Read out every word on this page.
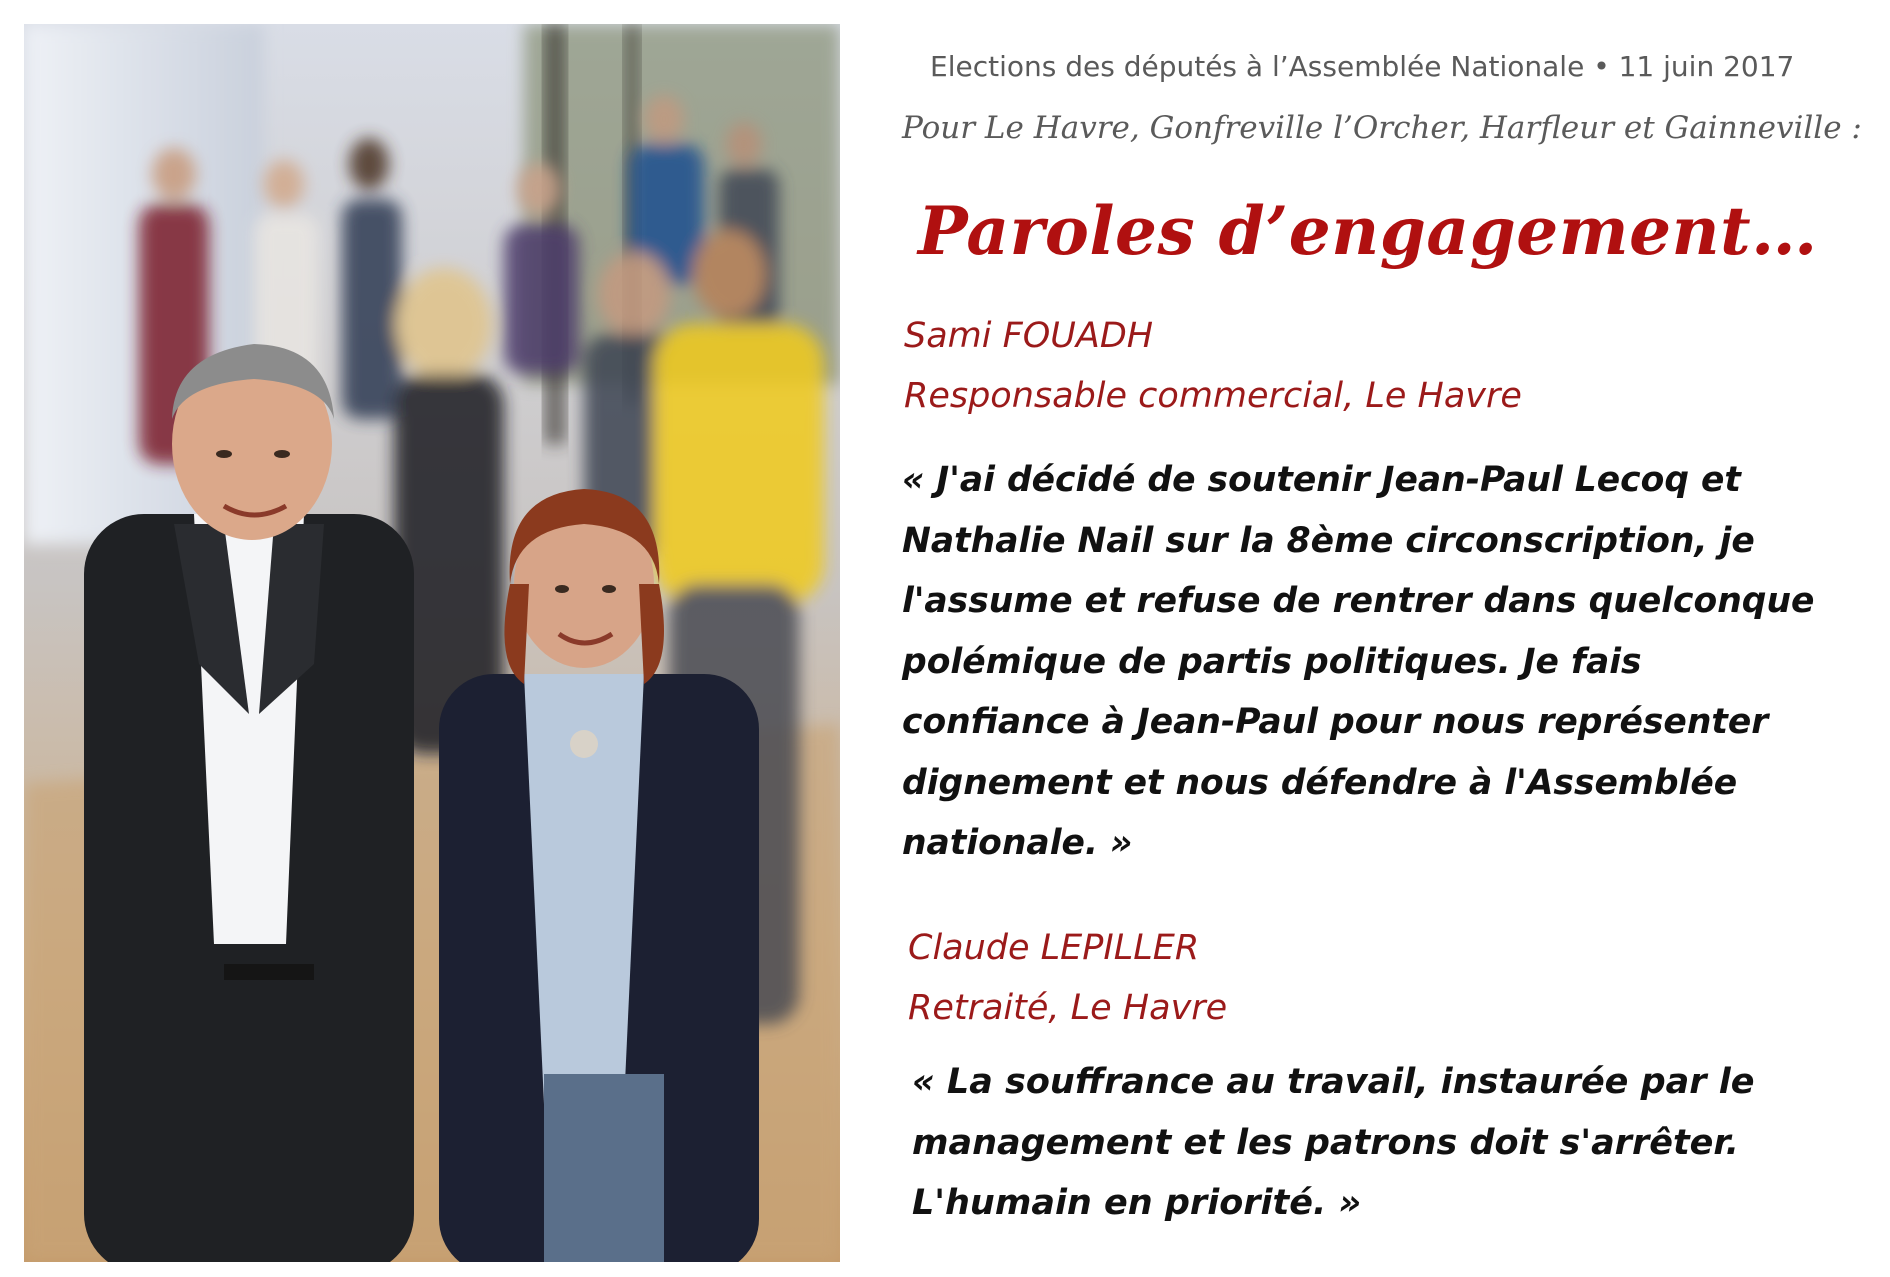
Elections des députés à l’Assemblée Nationale • 11 juin 2017
Pour Le Havre, Gonfreville l’Orcher, Harfleur et Gainneville :
Paroles d’engagement…
Sami FOUADH
Responsable commercial, Le Havre
« J'ai décidé de soutenir Jean-Paul Lecoq et
Nathalie Nail sur la 8ème circonscription, je
l'assume et refuse de rentrer dans quelconque
polémique de partis politiques. Je fais
confiance à Jean-Paul pour nous représenter
dignement et nous défendre à l'Assemblée
nationale. »
Claude LEPILLER
Retraité, Le Havre
« La souffrance au travail, instaurée par le
management et les patrons doit s'arrêter.
L'humain en priorité. »
